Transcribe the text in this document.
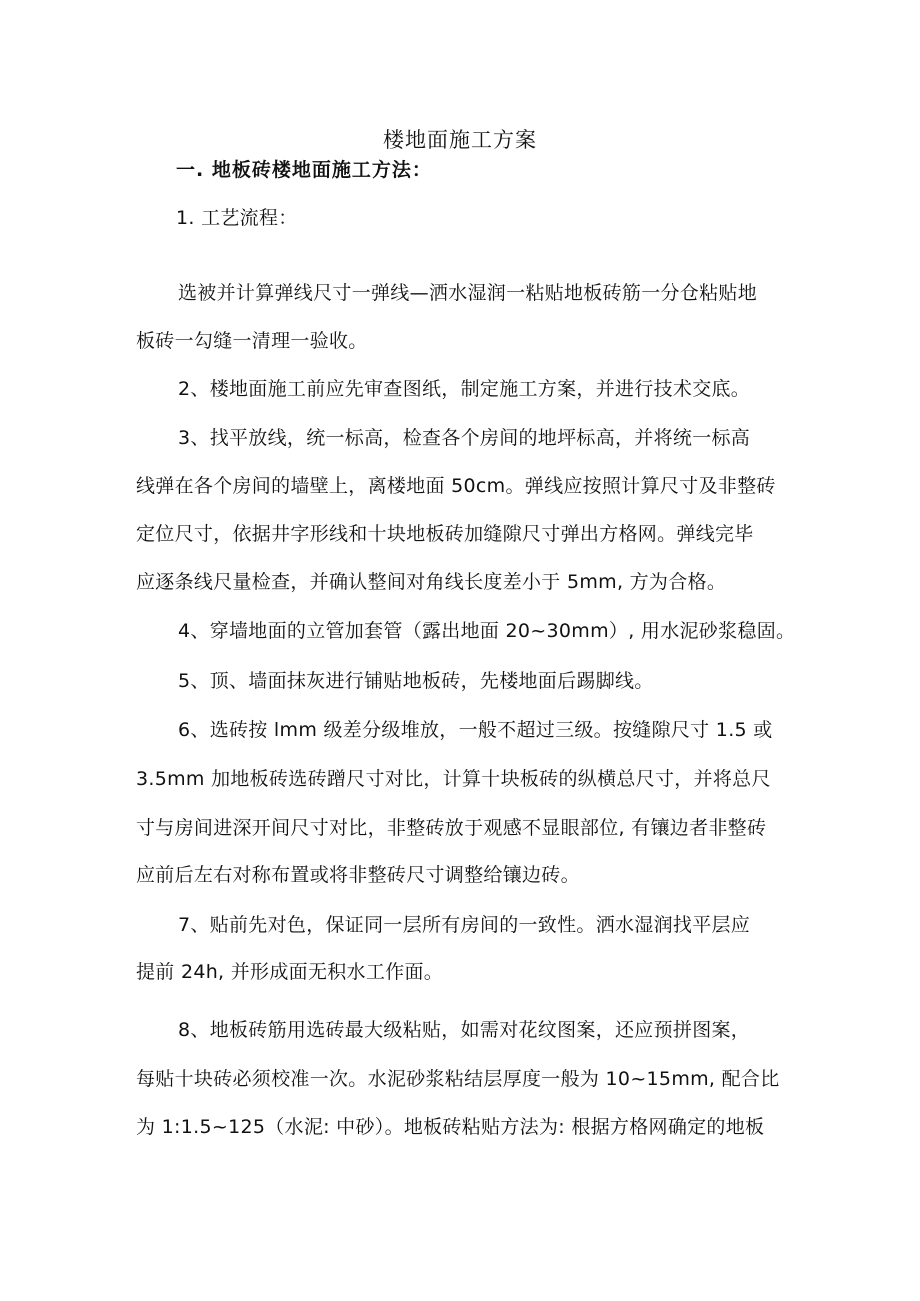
楼地面施工方案
一. 地板砖楼地面施工方法：
1. 工艺流程：
选被并计算弹线尺寸一弹线—洒水湿润一粘贴地板砖筋一分仓粘贴地
板砖一勾缝一清理一验收。
2、楼地面施工前应先审查图纸，制定施工方案，并进行技术交底。
3、找平放线，统一标高，检查各个房间的地坪标高，并将统一标高
线弹在各个房间的墙壁上，离楼地面 50cm。弹线应按照计算尺寸及非整砖
定位尺寸，依据井字形线和十块地板砖加缝隙尺寸弹出方格网。弹线完毕
应逐条线尺量检查，并确认整间对角线长度差小于 5mm, 方为合格。
4、穿墙地面的立管加套管（露出地面 20~30mm）, 用水泥砂浆稳固。
5、顶、墙面抹灰进行铺贴地板砖，先楼地面后踢脚线。
6、选砖按 lmm 级差分级堆放，一般不超过三级。按缝隙尺寸 1.5 或
3.5mm 加地板砖选砖蹭尺寸对比，计算十块板砖的纵横总尺寸，并将总尺
寸与房间进深开间尺寸对比，非整砖放于观感不显眼部位, 有镶边者非整砖
应前后左右对称布置或将非整砖尺寸调整给镶边砖。
7、贴前先对色，保证同一层所有房间的一致性。洒水湿润找平层应
提前 24h, 并形成面无积水工作面。
8、地板砖筋用选砖最大级粘贴，如需对花纹图案，还应预拼图案，
每贴十块砖必须校准一次。水泥砂浆粘结层厚度一般为 10~15mm, 配合比
为 1:1.5~125（水泥: 中砂）。地板砖粘贴方法为: 根据方格网确定的地板
